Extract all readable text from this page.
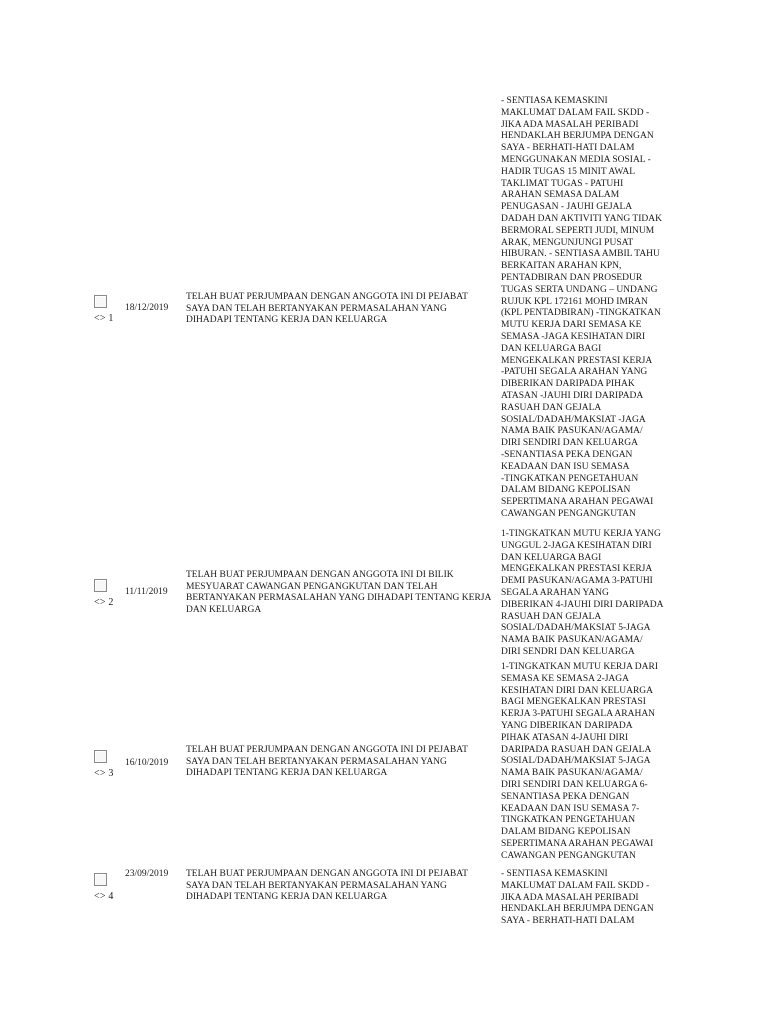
<> 1
18/12/2019
TELAH BUAT PERJUMPAAN DENGAN ANGGOTA INI DI PEJABAT SAYA DAN TELAH BERTANYAKAN PERMASALAHAN YANG DIHADAPI TENTANG KERJA DAN KELUARGA
- SENTIASA KEMASKINI
MAKLUMAT DALAM FAIL SKDD -
JIKA ADA MASALAH PERIBADI
HENDAKLAH BERJUMPA DENGAN
SAYA - BERHATI-HATI DALAM
MENGGUNAKAN MEDIA SOSIAL -
HADIR TUGAS 15 MINIT AWAL
TAKLIMAT TUGAS - PATUHI
ARAHAN SEMASA DALAM
PENUGASAN - JAUHI GEJALA
DADAH DAN AKTIVITI YANG TIDAK
BERMORAL SEPERTI JUDI, MINUM
ARAK, MENGUNJUNGI PUSAT
HIBURAN. - SENTIASA AMBIL TAHU
BERKAITAN ARAHAN KPN,
PENTADBIRAN DAN PROSEDUR
TUGAS SERTA UNDANG – UNDANG
RUJUK KPL 172161 MOHD IMRAN
(KPL PENTADBIRAN) -TINGKATKAN
MUTU KERJA DARI SEMASA KE
SEMASA -JAGA KESIHATAN DIRI
DAN KELUARGA BAGI
MENGEKALKAN PRESTASI KERJA
-PATUHI SEGALA ARAHAN YANG
DIBERIKAN DARIPADA PIHAK
ATASAN -JAUHI DIRI DARIPADA
RASUAH DAN GEJALA
SOSIAL/DADAH/MAKSIAT -JAGA
NAMA BAIK PASUKAN/AGAMA/
DIRI SENDIRI DAN KELUARGA
-SENANTIASA PEKA DENGAN
KEADAAN DAN ISU SEMASA
-TINGKATKAN PENGETAHUAN
DALAM BIDANG KEPOLISAN
SEPERTIMANA ARAHAN PEGAWAI
CAWANGAN PENGANGKUTAN
<> 2
11/11/2019
TELAH BUAT PERJUMPAAN DENGAN ANGGOTA INI DI BILIK MESYUARAT CAWANGAN PENGANGKUTAN DAN TELAH BERTANYAKAN PERMASALAHAN YANG DIHADAPI TENTANG KERJA DAN KELUARGA
1-TINGKATKAN MUTU KERJA YANG
UNGGUL 2-JAGA KESIHATAN DIRI
DAN KELUARGA BAGI
MENGEKALKAN PRESTASI KERJA
DEMI PASUKAN/AGAMA 3-PATUHI
SEGALA ARAHAN YANG
DIBERIKAN 4-JAUHI DIRI DARIPADA
RASUAH DAN GEJALA
SOSIAL/DADAH/MAKSIAT 5-JAGA
NAMA BAIK PASUKAN/AGAMA/
DIRI SENDRI DAN KELUARGA
<> 3
16/10/2019
TELAH BUAT PERJUMPAAN DENGAN ANGGOTA INI DI PEJABAT SAYA DAN TELAH BERTANYAKAN PERMASALAHAN YANG DIHADAPI TENTANG KERJA DAN KELUARGA
1-TINGKATKAN MUTU KERJA DARI
SEMASA KE SEMASA 2-JAGA
KESIHATAN DIRI DAN KELUARGA
BAGI MENGEKALKAN PRESTASI
KERJA 3-PATUHI SEGALA ARAHAN
YANG DIBERIKAN DARIPADA
PIHAK ATASAN 4-JAUHI DIRI
DARIPADA RASUAH DAN GEJALA
SOSIAL/DADAH/MAKSIAT 5-JAGA
NAMA BAIK PASUKAN/AGAMA/
DIRI SENDIRI DAN KELUARGA 6-
SENANTIASA PEKA DENGAN
KEADAAN DAN ISU SEMASA 7-
TINGKATKAN PENGETAHUAN
DALAM BIDANG KEPOLISAN
SEPERTIMANA ARAHAN PEGAWAI
CAWANGAN PENGANGKUTAN
<> 4
23/09/2019	TELAH BUAT PERJUMPAAN DENGAN ANGGOTA INI DI PEJABAT SAYA DAN TELAH BERTANYAKAN PERMASALAHAN YANG DIHADAPI TENTANG KERJA DAN KELUARGA
- SENTIASA KEMASKINI
MAKLUMAT DALAM FAIL SKDD -
JIKA ADA MASALAH PERIBADI
HENDAKLAH BERJUMPA DENGAN
SAYA - BERHATI-HATI DALAM
